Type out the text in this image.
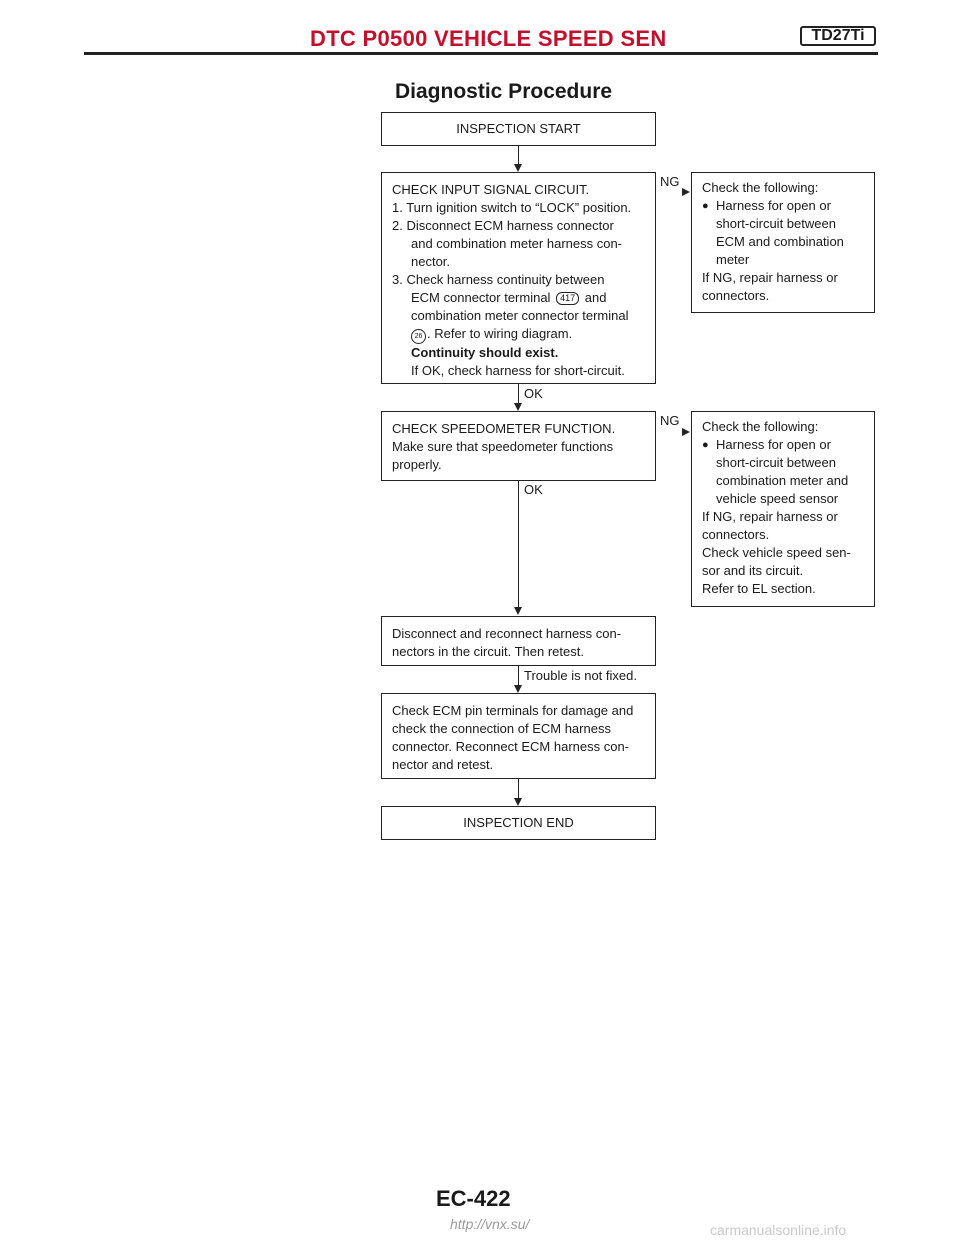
DTC P0500 VEHICLE SPEED SEN	TD27Ti
Diagnostic Procedure
INSPECTION START

CHECK INPUT SIGNAL CIRCUIT.

1. Turn ignition switch to “LOCK” position.

2. Disconnect ECM harness connector

and combination meter harness con-

nector.

3. Check harness continuity between

ECM connector terminal 417 and

combination meter connector terminal

26 . Refer to wiring diagram.

Continuity should exist.

If OK, check harness for short-circuit.

NG Check the following:

● Harness for open or

short-circuit between

ECM and combination

meter

If NG, repair harness or

connectors.

OK

CHECK SPEEDOMETER FUNCTION.

Make sure that speedometer functions

properly.

NG Check the following:

● Harness for open or

short-circuit between

combination meter and

vehicle speed sensor

If NG, repair harness or

connectors.

Check vehicle speed sen-

sor and its circuit.

Refer to EL section.

OK

Disconnect and reconnect harness con-

nectors in the circuit. Then retest.

Trouble is not fixed.

Check ECM pin terminals for damage and

check the connection of ECM harness

connector. Reconnect ECM harness con-

nector and retest.

INSPECTION END
EC-422
http://vnx.su/	carmanualsonline.info
